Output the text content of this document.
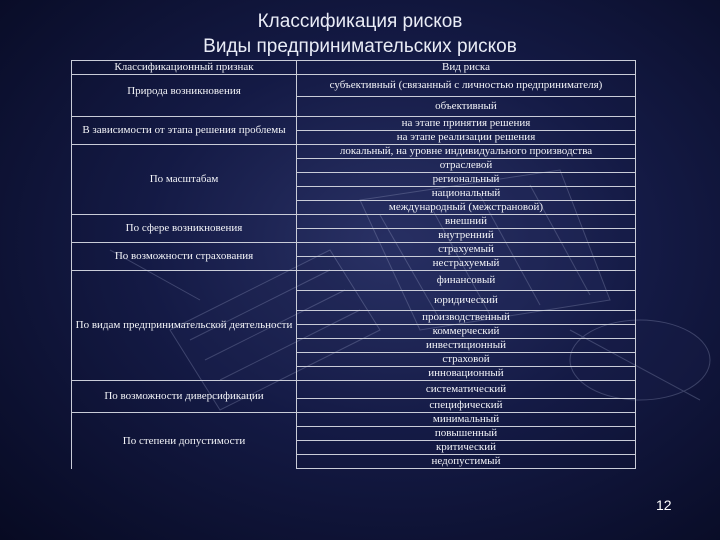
Классификация рисков
Виды предпринимательских рисков
Классификационный признак	Вид риска
Природа возникновения	субъективный (связанный с личностью предпринимателя)
	объективный
В зависимости от этапа решения проблемы	на этапе принятия решения
	на этапе реализации решения
По масштабам	локальный, на уровне индивидуального производства
	отраслевой
	региональный
	национальный
	международный (межстрановой)
По сфере возникновения	внешний
	внутренний
По возможности страхования	страхуемый
	нестрахуемый
По видам предпринимательской деятельности	финансовый
	юридический
	производственный
	коммерческий
	инвестиционный
	страховой
	инновационный
По возможности диверсификации	систематический
	специфический
По степени допустимости	минимальный
	повышенный
	критический
	недопустимый
12
